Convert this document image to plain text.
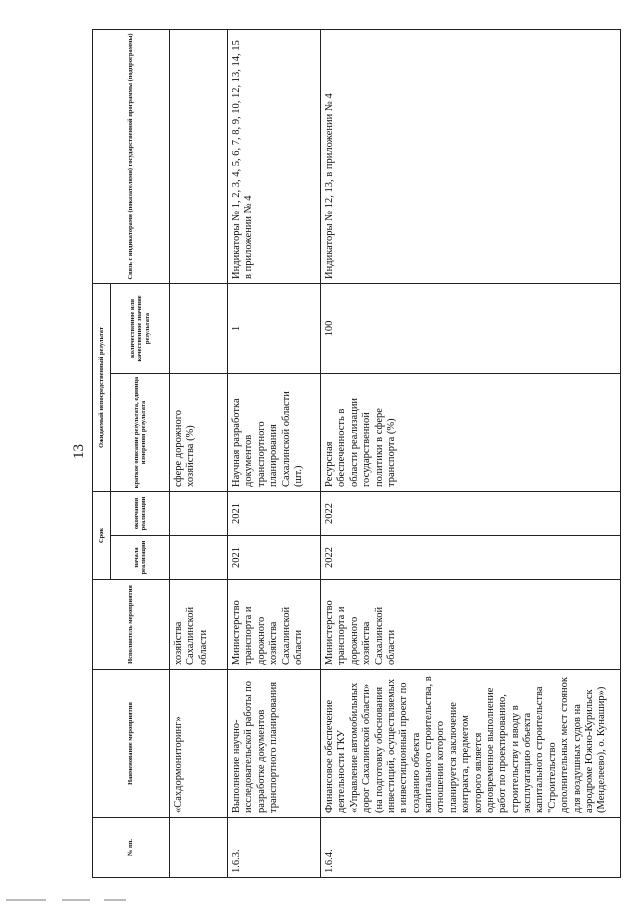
13
№ пп.	Наименование мероприятия	Исполнитель мероприятия	Срок		Ожидаемый непосредственный результат		Связь с индикаторами (показателями) государственной программы (подпрограммы)
			начала реализации	окончания реализации	краткое описание результата, единица измерения результата	количественное или качественное значение результата	
	«Сахдормониторинг»	хозяйства Сахалинской области			сфере дорожного хозяйства (%)		
1.6.3.	Выполнение научно-исследовательской работы по разработке документов транспортного планирования	Министерство транспорта и дорожного хозяйства Сахалинской области	2021	2021	Научная разработка документов транспортного планирования Сахалинской области (шт.)	1	Индикаторы № 1, 2, 3, 4, 5, 6, 7, 8, 9, 10, 12, 13, 14, 15 в приложении № 4
1.6.4.	Финансовое обеспечение деятельности ГКУ «Управление автомобильных дорог Сахалинской области» (на подготовку обоснования инвестиций, осуществляемых в инвестиционный проект по созданию объекта капитального строительства, в отношении которого планируется заключение контракта, предметом которого является одновременное выполнение работ по проектированию, строительству и вводу в эксплуатацию объекта капитального строительства "Строительство дополнительных мест стоянок для воздушных судов на аэродроме Южно-Курильск (Менделеево), о. Кунашир»)	Министерство транспорта и дорожного хозяйства Сахалинской области	2022	2022	Ресурсная обеспеченность в области реализации государственной политики в сфере транспорта (%)	100	Индикаторы № 12, 13, в приложении № 4
